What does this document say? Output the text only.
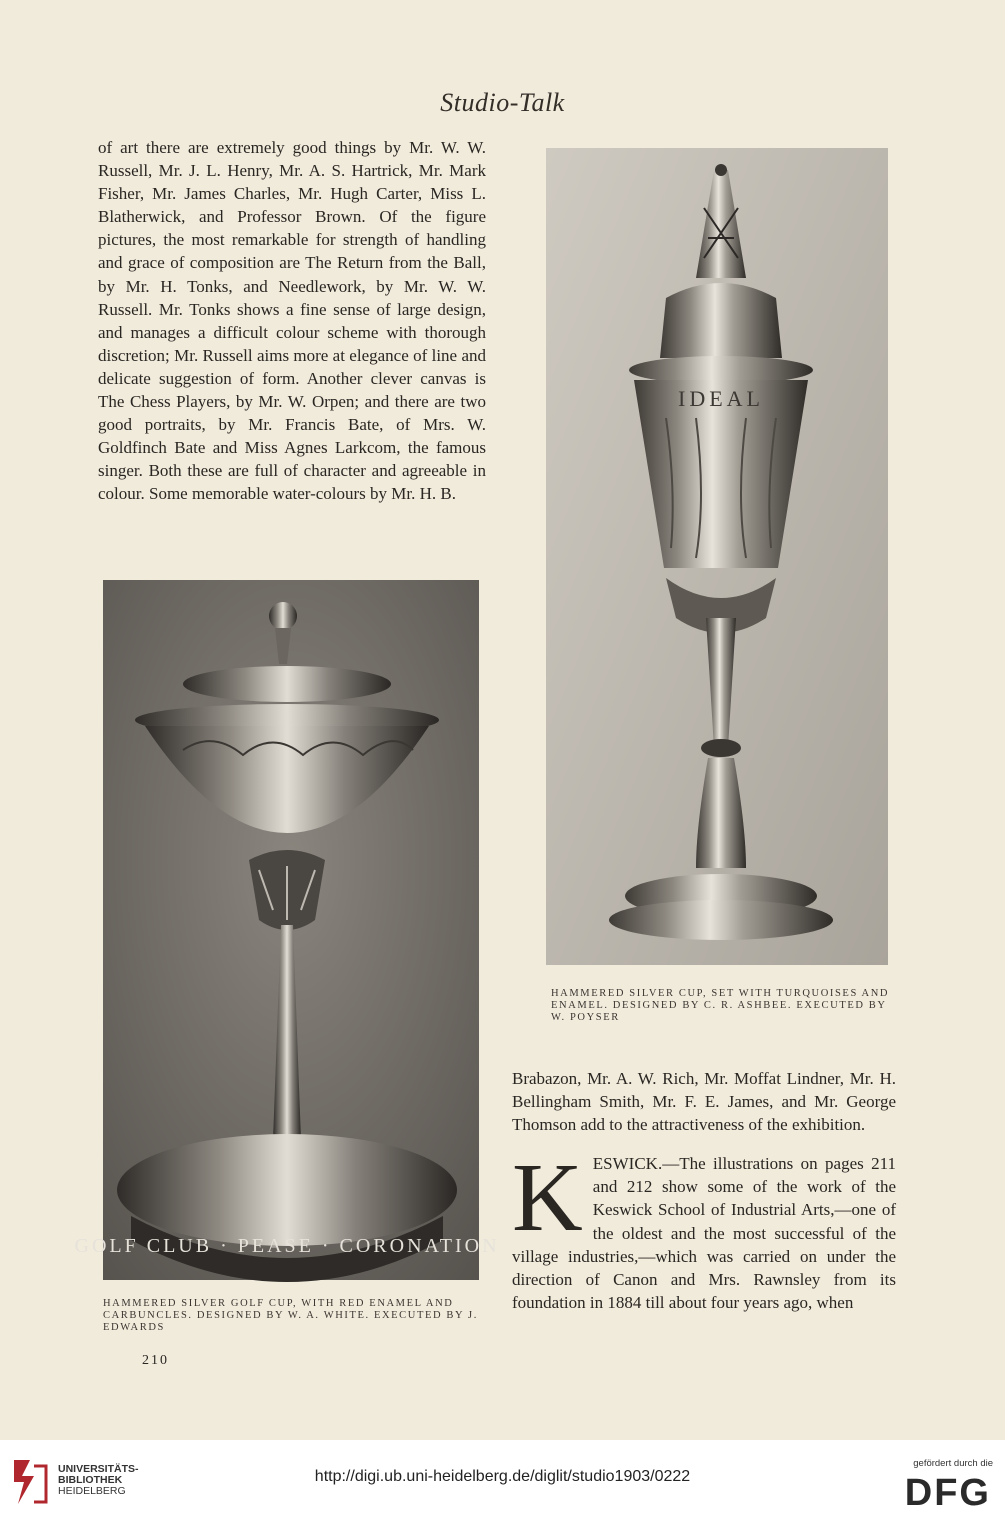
Studio-Talk

of art there are extremely good things by Mr. W. W. Russell, Mr. J. L. Henry, Mr. A. S. Hartrick, Mr. Mark Fisher, Mr. James Charles, Mr. Hugh Carter, Miss L. Blatherwick, and Professor Brown. Of the figure pictures, the most remarkable for strength of handling and grace of composition are The Return from the Ball, by Mr. H. Tonks, and Needlework, by Mr. W. W. Russell. Mr. Tonks shows a fine sense of large design, and manages a difficult colour scheme with thorough discretion; Mr. Russell aims more at elegance of line and delicate suggestion of form. Another clever canvas is The Chess Players, by Mr. W. Orpen; and there are two good portraits, by Mr. Francis Bate, of Mrs. W. Goldfinch Bate and Miss Agnes Larkcom, the famous singer. Both these are full of character and agreeable in colour. Some memorable water-colours by Mr. H. B.

IDEAL
HAMMERED SILVER CUP, SET WITH TURQUOISES AND ENAMEL. DESIGNED BY C. R. ASHBEE. EXECUTED BY W. POYSER
GOLF CLUB · PEASE · CORONATION
HAMMERED SILVER GOLF CUP, WITH RED ENAMEL AND CARBUNCLES. DESIGNED BY W. A. WHITE. EXECUTED BY J. EDWARDS

Brabazon, Mr. A. W. Rich, Mr. Moffat Lindner, Mr. H. Bellingham Smith, Mr. F. E. James, and Mr. George Thomson add to the attractiveness of the exhibition.

KESWICK.—The illustrations on pages 211 and 212 show some of the work of the Keswick School of Industrial Arts,—one of the oldest and the most successful of the village industries,—which was carried on under the direction of Canon and Mrs. Rawnsley from its foundation in 1884 till about four years ago, when

210
UNIVERSITÄTS-
BIBLIOTHEK
HEIDELBERG
http://digi.ub.uni-heidelberg.de/diglit/studio1903/0222
gefördert durch die
DFG
